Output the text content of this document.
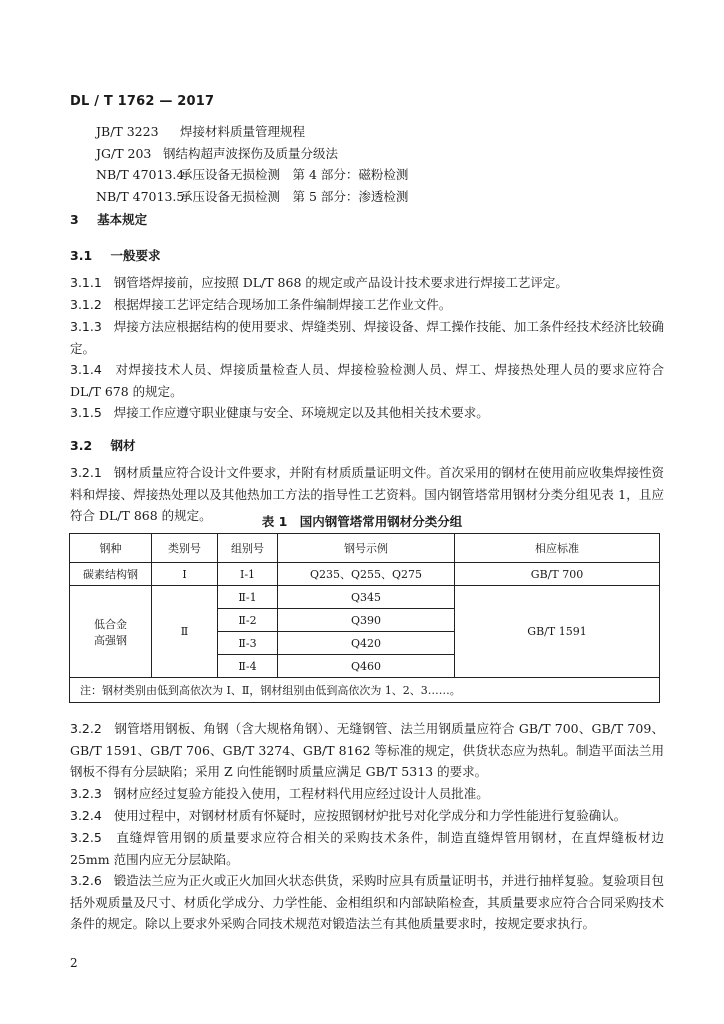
DL / T 1762 — 2017
JB/T 3223 焊接材料质量管理规程
JG/T 203 钢结构超声波探伤及质量分级法
NB/T 47013.4承压设备无损检测　第 4 部分：磁粉检测
NB/T 47013.5承压设备无损检测　第 5 部分：渗透检测
3 基本规定
3.1 一般要求
3.1.1 钢管塔焊接前，应按照 DL/T 868 的规定或产品设计技术要求进行焊接工艺评定。
3.1.2 根据焊接工艺评定结合现场加工条件编制焊接工艺作业文件。
3.1.3 焊接方法应根据结构的使用要求、焊缝类别、焊接设备、焊工操作技能、加工条件经技术经济比较确定。
3.1.4 对焊接技术人员、焊接质量检查人员、焊接检验检测人员、焊工、焊接热处理人员的要求应符合 DL/T 678 的规定。
3.1.5 焊接工作应遵守职业健康与安全、环境规定以及其他相关技术要求。
3.2 钢材
3.2.1 钢材质量应符合设计文件要求，并附有材质质量证明文件。首次采用的钢材在使用前应收集焊接性资料和焊接、焊接热处理以及其他热加工方法的指导性工艺资料。国内钢管塔常用钢材分类分组见表 1，且应符合 DL/T 868 的规定。	表 1　国内钢管塔常用钢材分类分组
钢种	类别号	组别号	钢号示例	相应标准
碳素结构钢	Ⅰ	Ⅰ-1	Q235、Q255、Q275	GB/T 700

低合金
高强钢	Ⅱ	Ⅱ-1	Q345	GB/T 1591
		Ⅱ-2	Q390	
		Ⅱ-3	Q420	
		Ⅱ-4	Q460	
注：钢材类别由低到高依次为 Ⅰ、Ⅱ，钢材组别由低到高依次为 1、2、3……。				
3.2.2 钢管塔用钢板、角钢（含大规格角钢）、无缝钢管、法兰用钢质量应符合 GB/T 700、GB/T 709、GB/T 1591、GB/T 706、GB/T 3274、GB/T 8162 等标准的规定，供货状态应为热轧。制造平面法兰用钢板不得有分层缺陷；采用 Z 向性能钢时质量应满足 GB/T 5313 的要求。
3.2.3 钢材应经过复验方能投入使用，工程材料代用应经过设计人员批准。
3.2.4 使用过程中，对钢材材质有怀疑时，应按照钢材炉批号对化学成分和力学性能进行复验确认。
3.2.5 直缝焊管用钢的质量要求应符合相关的采购技术条件，制造直缝焊管用钢材，在直焊缝板材边 25mm 范围内应无分层缺陷。
3.2.6 锻造法兰应为正火或正火加回火状态供货，采购时应具有质量证明书，并进行抽样复验。复验项目包括外观质量及尺寸、材质化学成分、力学性能、金相组织和内部缺陷检查，其质量要求应符合合同采购技术条件的规定。除以上要求外采购合同技术规范对锻造法兰有其他质量要求时，按规定要求执行。
2
